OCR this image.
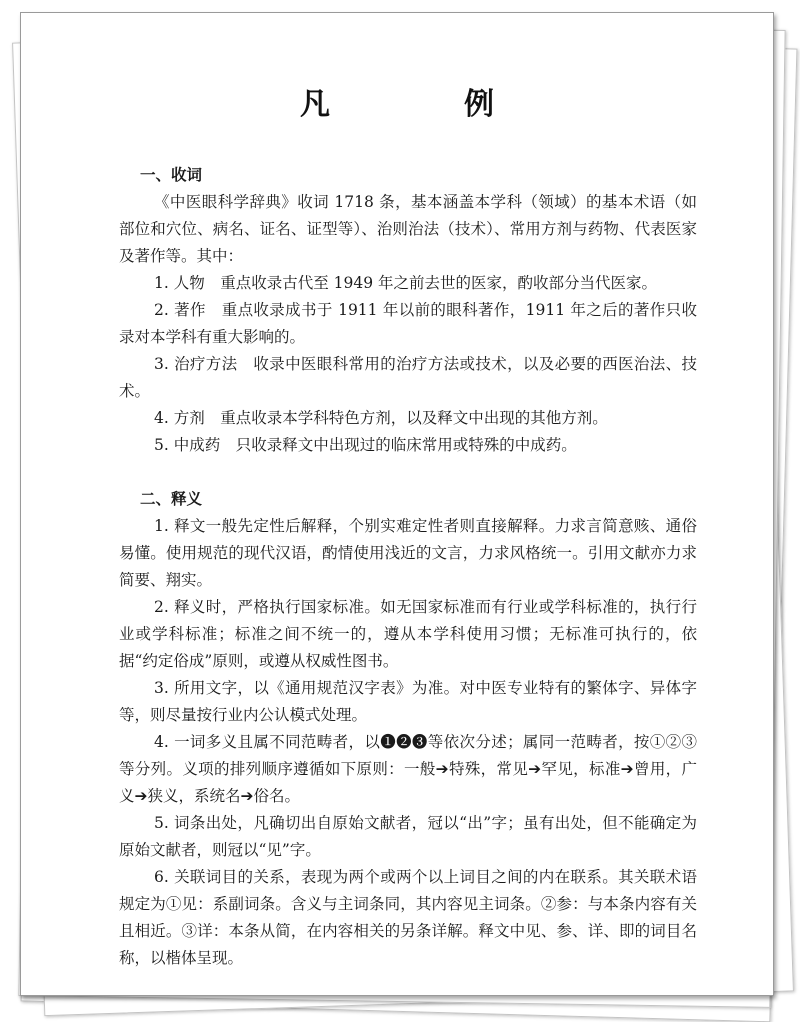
凡　例
一、收词

《中医眼科学辞典》收词 1718 条，基本涵盖本学科（领域）的基本术语（如部位和穴位、病名、证名、证型等）、治则治法（技术）、常用方剂与药物、代表医家及著作等。其中：

1. 人物　重点收录古代至 1949 年之前去世的医家，酌收部分当代医家。

2. 著作　重点收录成书于 1911 年以前的眼科著作，1911 年之后的著作只收录对本学科有重大影响的。

3. 治疗方法　收录中医眼科常用的治疗方法或技术，以及必要的西医治法、技术。

4. 方剂　重点收录本学科特色方剂，以及释文中出现的其他方剂。

5. 中成药　只收录释文中出现过的临床常用或特殊的中成药。

二、释义

1. 释文一般先定性后解释，个别实难定性者则直接解释。力求言简意赅、通俗易懂。使用规范的现代汉语，酌情使用浅近的文言，力求风格统一。引用文献亦力求简要、翔实。

2. 释义时，严格执行国家标准。如无国家标准而有行业或学科标准的，执行行业或学科标准；标准之间不统一的，遵从本学科使用习惯；无标准可执行的，依据“约定俗成”原则，或遵从权威性图书。

3. 所用文字，以《通用规范汉字表》为准。对中医专业特有的繁体字、异体字等，则尽量按行业内公认模式处理。

4. 一词多义且属不同范畴者，以❶❷❸等依次分述；属同一范畴者，按①②③等分列。义项的排列顺序遵循如下原则：一般➔特殊，常见➔罕见，标准➔曾用，广义➔狭义，系统名➔俗名。

5. 词条出处，凡确切出自原始文献者，冠以“出”字；虽有出处，但不能确定为原始文献者，则冠以“见”字。

6. 关联词目的关系，表现为两个或两个以上词目之间的内在联系。其关联术语规定为①见：系副词条。含义与主词条同，其内容见主词条。②参：与本条内容有关且相近。③详：本条从简，在内容相关的另条详解。释文中见、参、详、即的词目名称，以楷体呈现。
